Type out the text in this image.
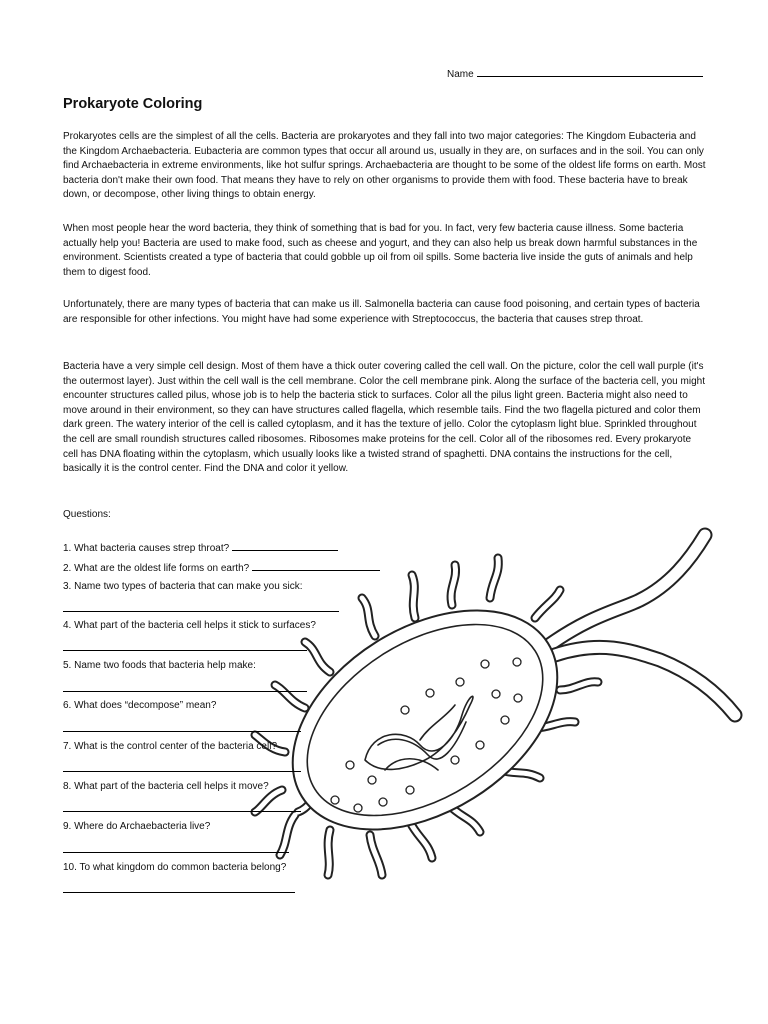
Name
Prokaryote Coloring

Prokaryotes cells are the simplest of all the cells. Bacteria are prokaryotes and they fall into two major categories: The Kingdom Eubacteria and the Kingdom Archaebacteria. Eubacteria are common types that occur all around us, usually in they are, on surfaces and in the soil. You can only find Archaebacteria in extreme environments, like hot sulfur springs. Archaebacteria are thought to be some of the oldest life forms on earth. Most bacteria don't make their own food. That means they have to rely on other organisms to provide them with food. These bacteria have to break down, or decompose, other living things to obtain energy.

When most people hear the word bacteria, they think of something that is bad for you. In fact, very few bacteria cause illness. Some bacteria actually help you! Bacteria are used to make food, such as cheese and yogurt, and they can also help us break down harmful substances in the environment. Scientists created a type of bacteria that could gobble up oil from oil spills. Some bacteria live inside the guts of animals and help them to digest food.

Unfortunately, there are many types of bacteria that can make us ill. Salmonella bacteria can cause food poisoning, and certain types of bacteria are responsible for other infections. You might have had some experience with Streptococcus, the bacteria that causes strep throat.

Bacteria have a very simple cell design. Most of them have a thick outer covering called the cell wall. On the picture, color the cell wall purple (it's the outermost layer). Just within the cell wall is the cell membrane. Color the cell membrane pink. Along the surface of the bacteria cell, you might encounter structures called pilus, whose job is to help the bacteria stick to surfaces. Color all the pilus light green. Bacteria might also need to move around in their environment, so they can have structures called flagella, which resemble tails. Find the two flagella pictured and color them dark green. The watery interior of the cell is called cytoplasm, and it has the texture of jello. Color the cytoplasm light blue. Sprinkled throughout the cell are small roundish structures called ribosomes. Ribosomes make proteins for the cell. Color all of the ribosomes red. Every prokaryote cell has DNA floating within the cytoplasm, which usually looks like a twisted strand of spaghetti. DNA contains the instructions for the cell, basically it is the control center. Find the DNA and color it yellow.

Questions:

1. What bacteria causes strep throat?

2. What are the oldest life forms on earth?

3. Name two types of bacteria that can make you sick:

4. What part of the bacteria cell helps it stick to surfaces?

5. Name two foods that bacteria help make:

6. What does “decompose” mean?

7. What is the control center of the bacteria cell?

8. What part of the bacteria cell helps it move?

9. Where do Archaebacteria live?

10. To what kingdom do common bacteria belong?
